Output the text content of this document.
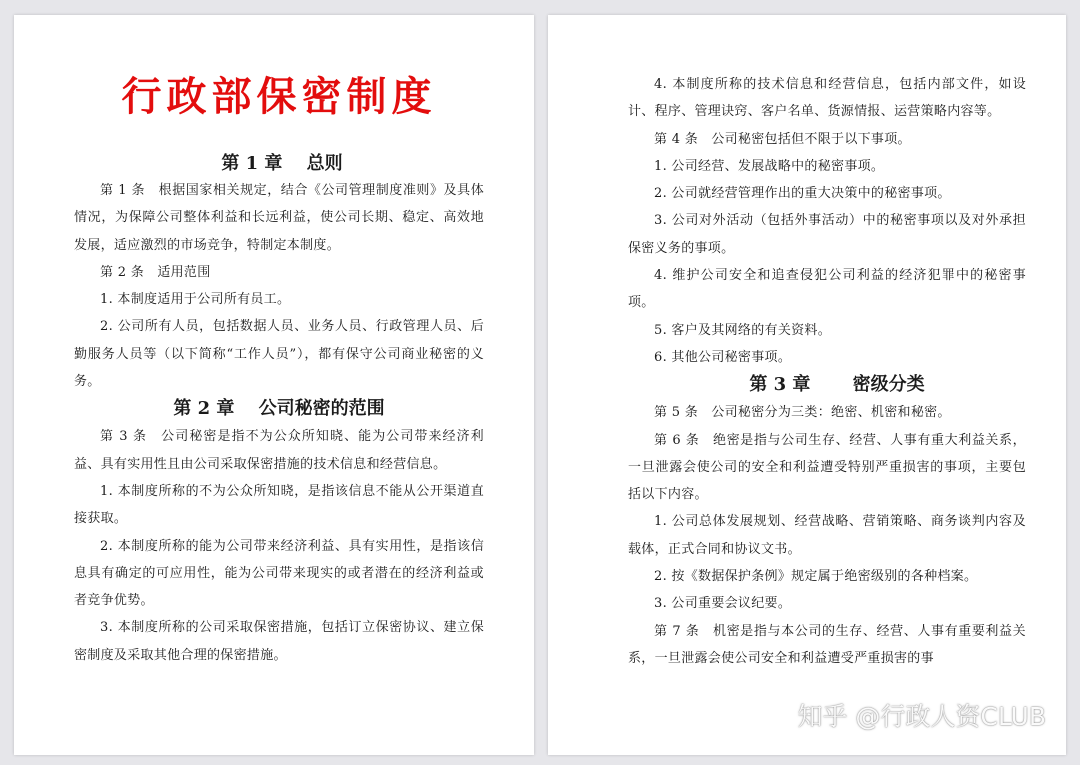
行政部保密制度
第 1 章　 总则

第 1 条　根据国家相关规定，结合《公司管理制度准则》及具体情况，为保障公司整体利益和长远利益，使公司长期、稳定、高效地发展，适应激烈的市场竞争，特制定本制度。

第 2 条　适用范围

1. 本制度适用于公司所有员工。

2. 公司所有人员，包括数据人员、业务人员、行政管理人员、后勤服务人员等（以下简称“工作人员”），都有保守公司商业秘密的义务。

第 2 章　 公司秘密的范围

第 3 条　公司秘密是指不为公众所知晓、能为公司带来经济利益、具有实用性且由公司采取保密措施的技术信息和经营信息。

1. 本制度所称的不为公众所知晓，是指该信息不能从公开渠道直接获取。

2. 本制度所称的能为公司带来经济利益、具有实用性，是指该信息具有确定的可应用性，能为公司带来现实的或者潜在的经济利益或者竞争优势。

3. 本制度所称的公司采取保密措施，包括订立保密协议、建立保密制度及采取其他合理的保密措施。

4. 本制度所称的技术信息和经营信息，包括内部文件，如设计、程序、管理诀窍、客户名单、货源情报、运营策略内容等。

第 4 条　公司秘密包括但不限于以下事项。

1. 公司经营、发展战略中的秘密事项。

2. 公司就经营管理作出的重大决策中的秘密事项。

3. 公司对外活动（包括外事活动）中的秘密事项以及对外承担保密义务的事项。

4. 维护公司安全和追查侵犯公司利益的经济犯罪中的秘密事项。

5. 客户及其网络的有关资料。

6. 其他公司秘密事项。

第 3 章　 　密级分类

第 5 条　公司秘密分为三类：绝密、机密和秘密。

第 6 条　绝密是指与公司生存、经营、人事有重大利益关系，一旦泄露会使公司的安全和利益遭受特别严重损害的事项，主要包括以下内容。

1. 公司总体发展规划、经营战略、营销策略、商务谈判内容及载体，正式合同和协议文书。

2. 按《数据保护条例》规定属于绝密级别的各种档案。

3. 公司重要会议纪要。

第 7 条　机密是指与本公司的生存、经营、人事有重要利益关系，一旦泄露会使公司安全和利益遭受严重损害的事

知乎 @行政人资CLUB
